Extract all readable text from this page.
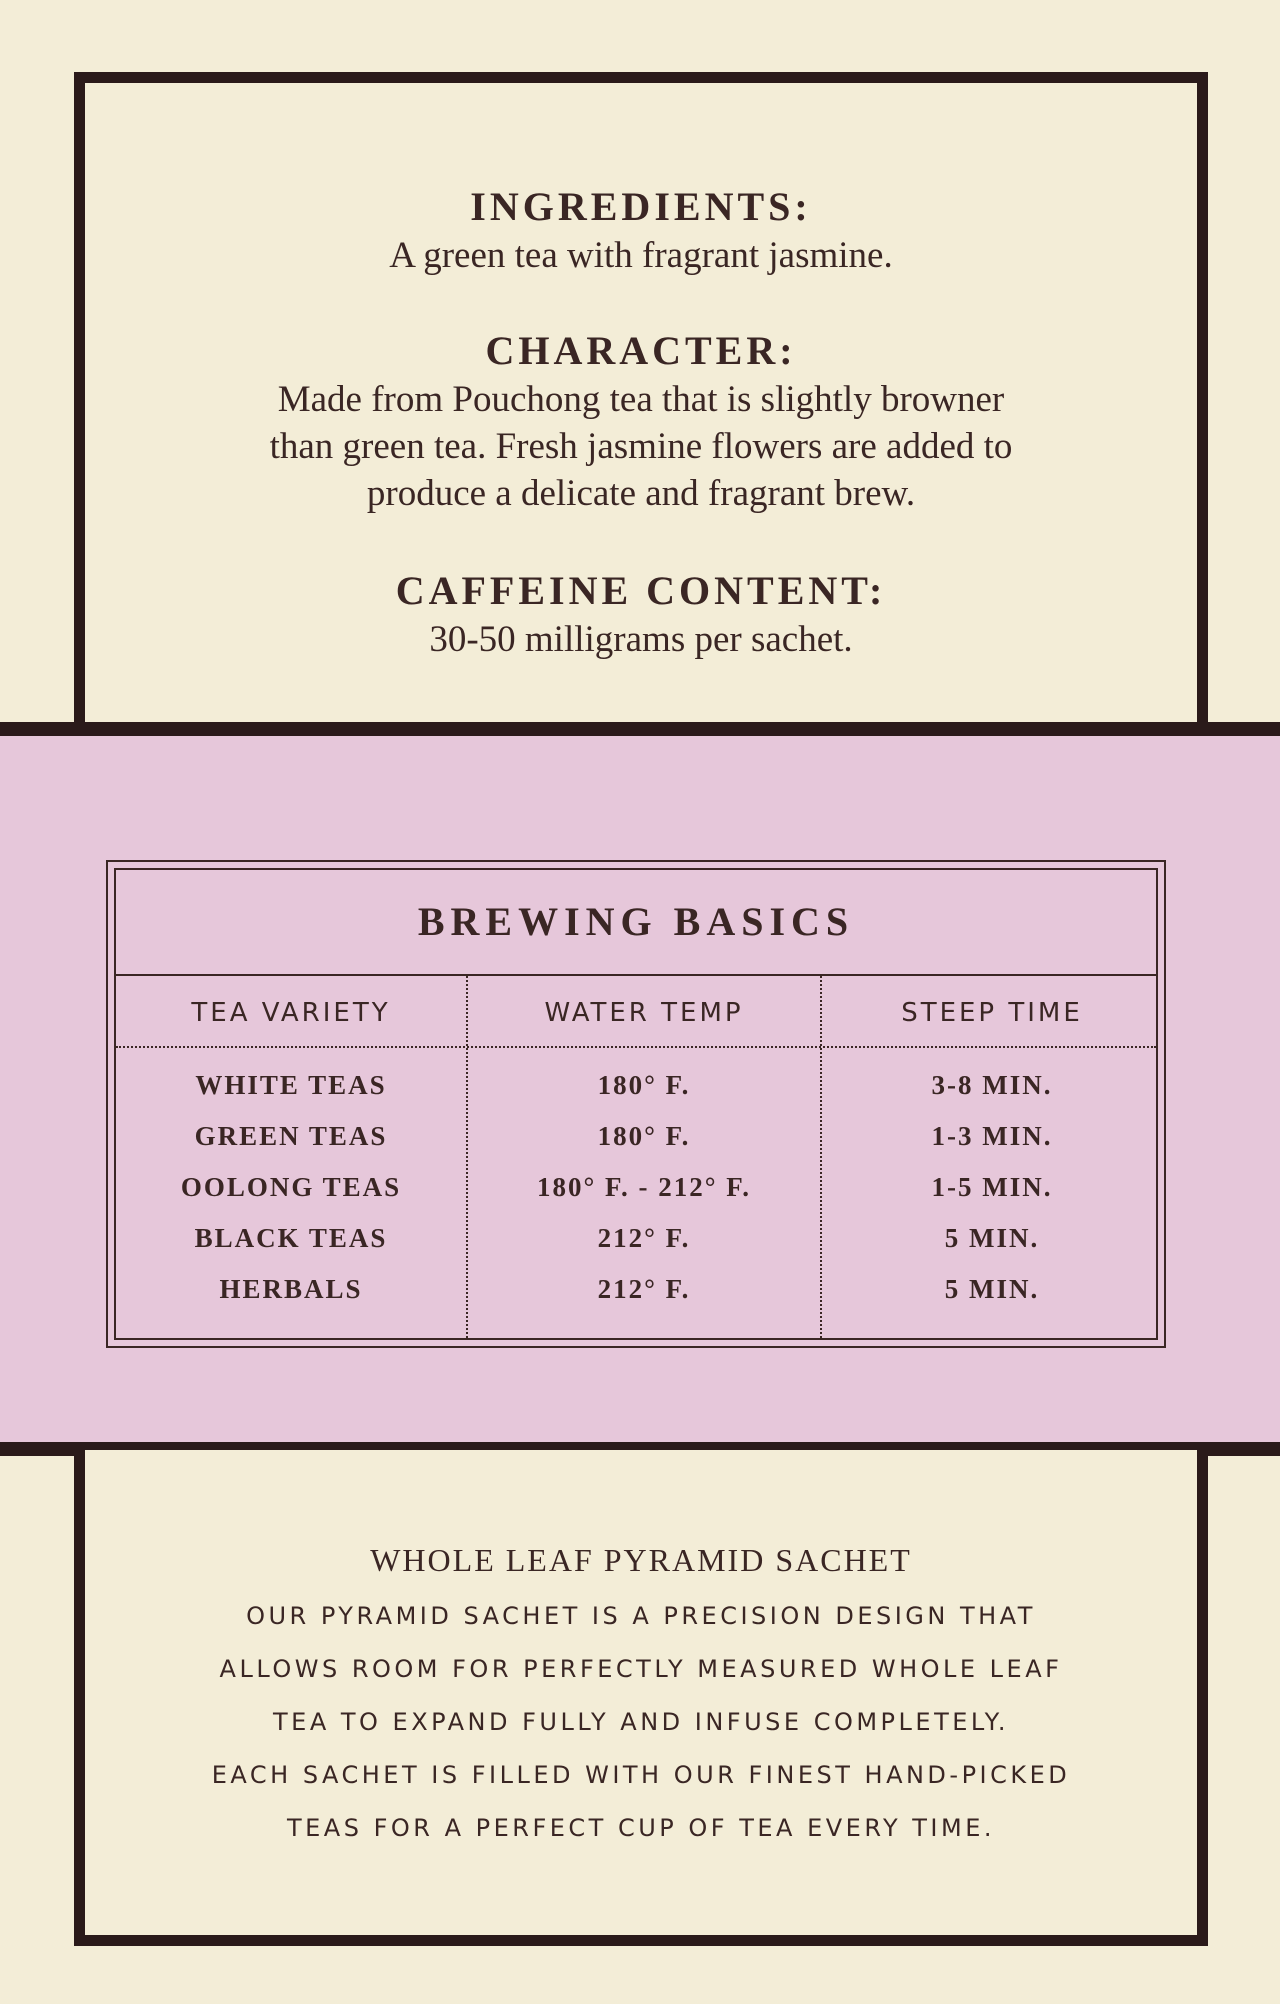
INGREDIENTS:
A green tea with fragrant jasmine.
CHARACTER:
Made from Pouchong tea that is slightly browner
than green tea. Fresh jasmine flowers are added to
produce a delicate and fragrant brew.
CAFFEINE CONTENT:
30-50 milligrams per sachet.
BREWING BASICS
TEA VARIETY	WATER TEMP	STEEP TIME
WHITE TEAS	180° F.	3-8 MIN.
GREEN TEAS	180° F.	1-3 MIN.
OOLONG TEAS	180° F. - 212° F.	1-5 MIN.
BLACK TEAS	212° F.	5 MIN.
HERBALS	212° F.	5 MIN.
WHOLE LEAF PYRAMID SACHET
OUR PYRAMID SACHET IS A PRECISION DESIGN THAT
ALLOWS ROOM FOR PERFECTLY MEASURED WHOLE LEAF
TEA TO EXPAND FULLY AND INFUSE COMPLETELY.
EACH SACHET IS FILLED WITH OUR FINEST HAND-PICKED
TEAS FOR A PERFECT CUP OF TEA EVERY TIME.
